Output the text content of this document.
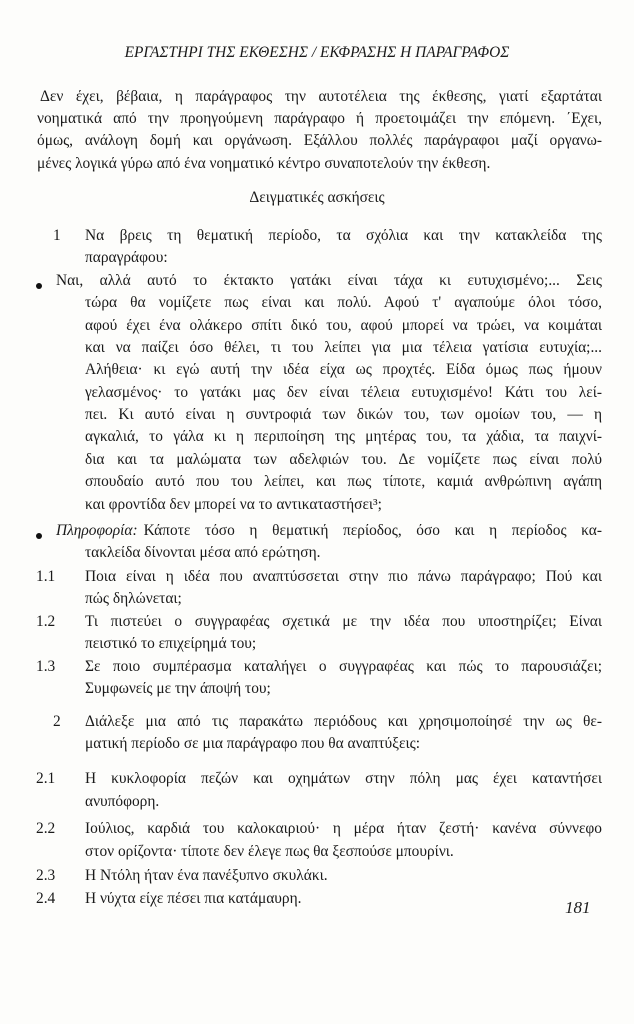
ΕΡΓΑΣΤΗΡΙ ΤΗΣ ΕΚΘΕΣΗΣ / ΕΚΦΡΑΣΗΣ Η ΠΑΡΑΓΡΑΦΟΣ
Δεν έχει, βέβαια, η παράγραφος την αυτοτέλεια της έκθεσης, γιατί εξαρτάται
νοηματικά από την προηγούμενη παράγραφο ή προετοιμάζει την επόμενη. ΄Εχει,
όμως, ανάλογη δομή και οργάνωση. Εξάλλου πολλές παράγραφοι μαζί οργανω-
μένες λογικά γύρω από ένα νοηματικό κέντρο συναποτελούν την έκθεση.
Δειγματικές ασκήσεις
1 Να βρεις τη θεματική περίοδο, τα σχόλια και την κατακλείδα της
παραγράφου:
Ναι, αλλά αυτό το έκτακτο γατάκι είναι τάχα κι ευτυχισμένο;... Σεις
τώρα θα νομίζετε πως είναι και πολύ. Αφού τ' αγαπούμε όλοι τόσο,
αφού έχει ένα ολάκερο σπίτι δικό του, αφού μπορεί να τρώει, να κοιμάται
και να παίζει όσο θέλει, τι του λείπει για μια τέλεια γατίσια ευτυχία;...
Αλήθεια· κι εγώ αυτή την ιδέα είχα ως προχτές. Είδα όμως πως ήμουν
γελασμένος· το γατάκι μας δεν είναι τέλεια ευτυχισμένο! Κάτι του λεί-
πει. Κι αυτό είναι η συντροφιά των δικών του, των ομοίων του, — η
αγκαλιά, το γάλα κι η περιποίηση της μητέρας του, τα χάδια, τα παιχνί-
δια και τα μαλώματα των αδελφιών του. Δε νομίζετε πως είναι πολύ
σπουδαίο αυτό που του λείπει, και πως τίποτε, καμιά ανθρώπινη αγάπη
και φροντίδα δεν μπορεί να το αντικαταστήσει³;
Πληροφορία: Κάποτε τόσο η θεματική περίοδος, όσο και η περίοδος κα-
τακλείδα δίνονται μέσα από ερώτηση.
1.1 Ποια είναι η ιδέα που αναπτύσσεται στην πιο πάνω παράγραφο; Πού και
πώς δηλώνεται;
1.2 Τι πιστεύει ο συγγραφέας σχετικά με την ιδέα που υποστηρίζει; Είναι
πειστικό το επιχείρημά του;
1.3 Σε ποιο συμπέρασμα καταλήγει ο συγγραφέας και πώς το παρουσιάζει;
Συμφωνείς με την άποψή του;
2 Διάλεξε μια από τις παρακάτω περιόδους και χρησιμοποίησέ την ως θε-
ματική περίοδο σε μια παράγραφο που θα αναπτύξεις:
2.1 Η κυκλοφορία πεζών και οχημάτων στην πόλη μας έχει καταντήσει
ανυπόφορη.
2.2 Ιούλιος, καρδιά του καλοκαιριού· η μέρα ήταν ζεστή· κανένα σύννεφο
στον ορίζοντα· τίποτε δεν έλεγε πως θα ξεσπούσε μπουρίνι.
2.3 Η Ντόλη ήταν ένα πανέξυπνο σκυλάκι.
2.4 Η νύχτα είχε πέσει πια κατάμαυρη.	181
